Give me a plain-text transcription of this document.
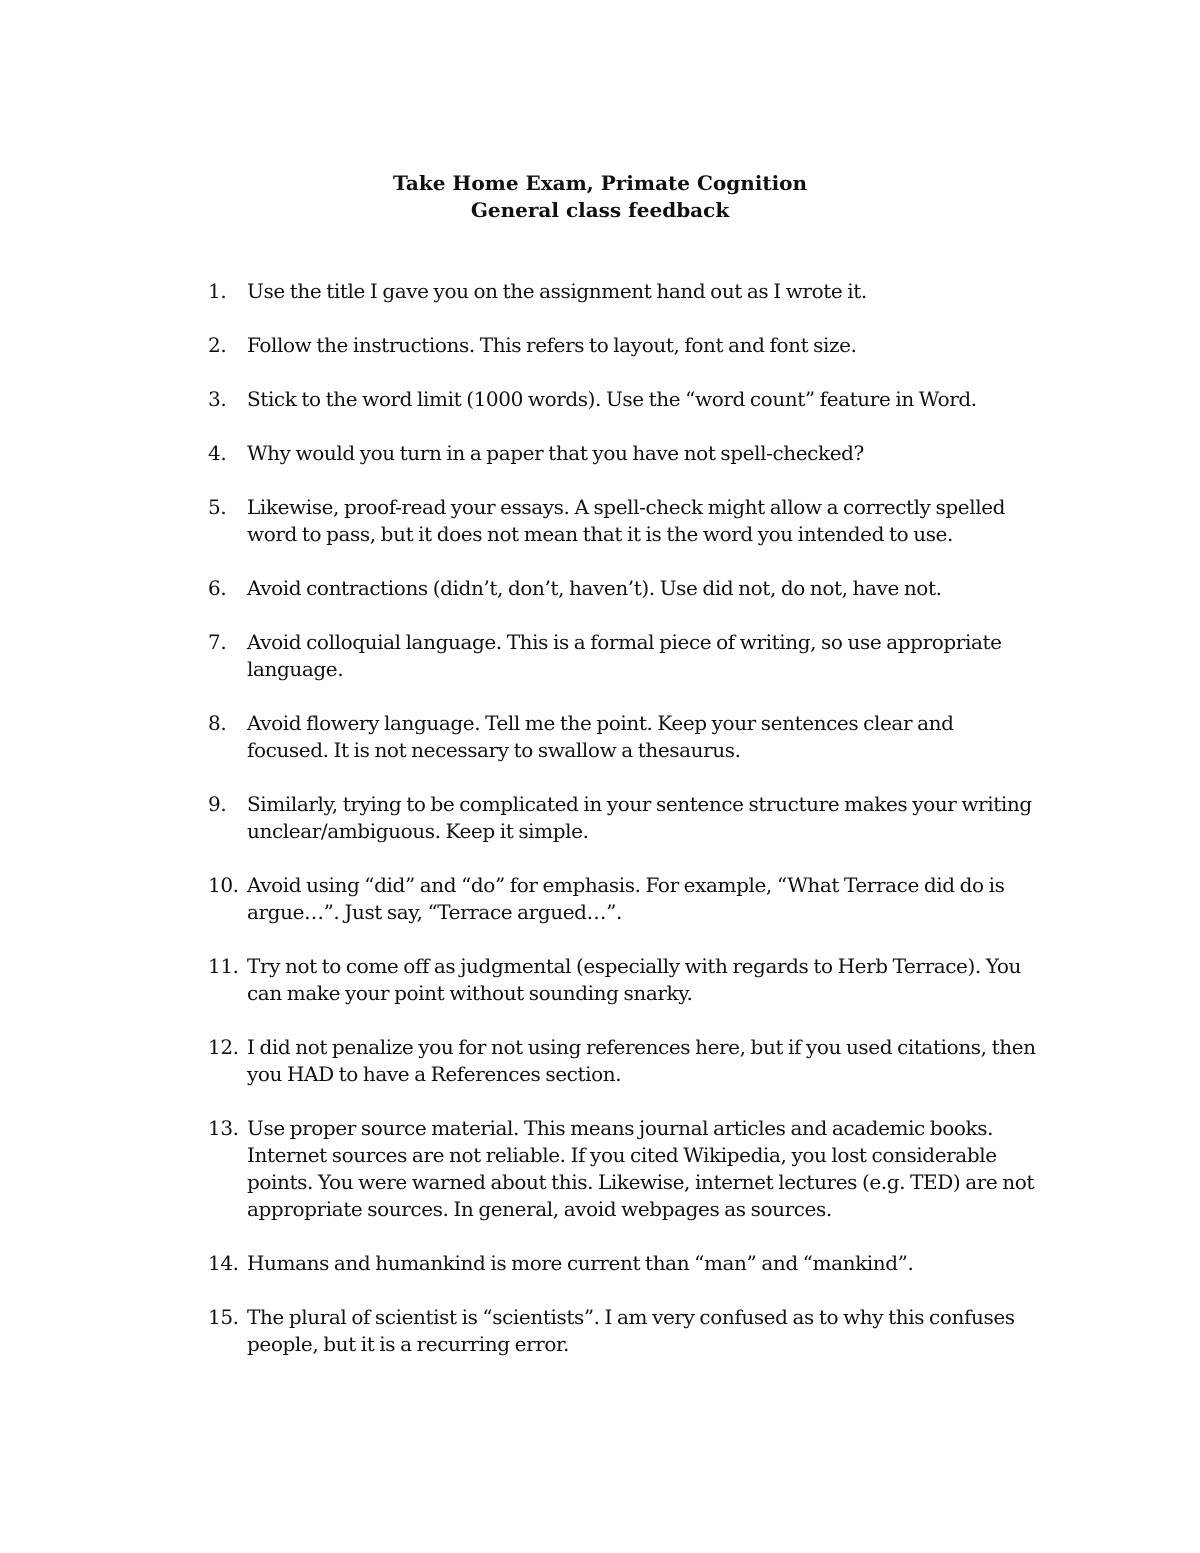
Take Home Exam, Primate Cognition
General class feedback
1.	Use the title I gave you on the assignment hand out as I wrote it.
2.	Follow the instructions. This refers to layout, font and font size.
3.	Stick to the word limit (1000 words). Use the “word count” feature in Word.
4.	Why would you turn in a paper that you have not spell-checked?
5.	Likewise, proof-read your essays. A spell-check might allow a correctly spelled word to pass, but it does not mean that it is the word you intended to use.
6.	Avoid contractions (didn’t, don’t, haven’t). Use did not, do not, have not.
7.	Avoid colloquial language. This is a formal piece of writing, so use appropriate language.
8.	Avoid flowery language. Tell me the point. Keep your sentences clear and focused. It is not necessary to swallow a thesaurus.
9.	Similarly, trying to be complicated in your sentence structure makes your writing unclear/ambiguous. Keep it simple.
10. Avoid using “did” and “do” for emphasis. For example, “What Terrace did do is argue…”. Just say, “Terrace argued…”.
11. Try not to come off as judgmental (especially with regards to Herb Terrace). You can make your point without sounding snarky.
12. I did not penalize you for not using references here, but if you used citations, then you HAD to have a References section.
13. Use proper source material. This means journal articles and academic books. Internet sources are not reliable. If you cited Wikipedia, you lost considerable points. You were warned about this. Likewise, internet lectures (e.g. TED) are not appropriate sources. In general, avoid webpages as sources.
14. Humans and humankind is more current than “man” and “mankind”.
15. The plural of scientist is “scientists”. I am very confused as to why this confuses people, but it is a recurring error.
